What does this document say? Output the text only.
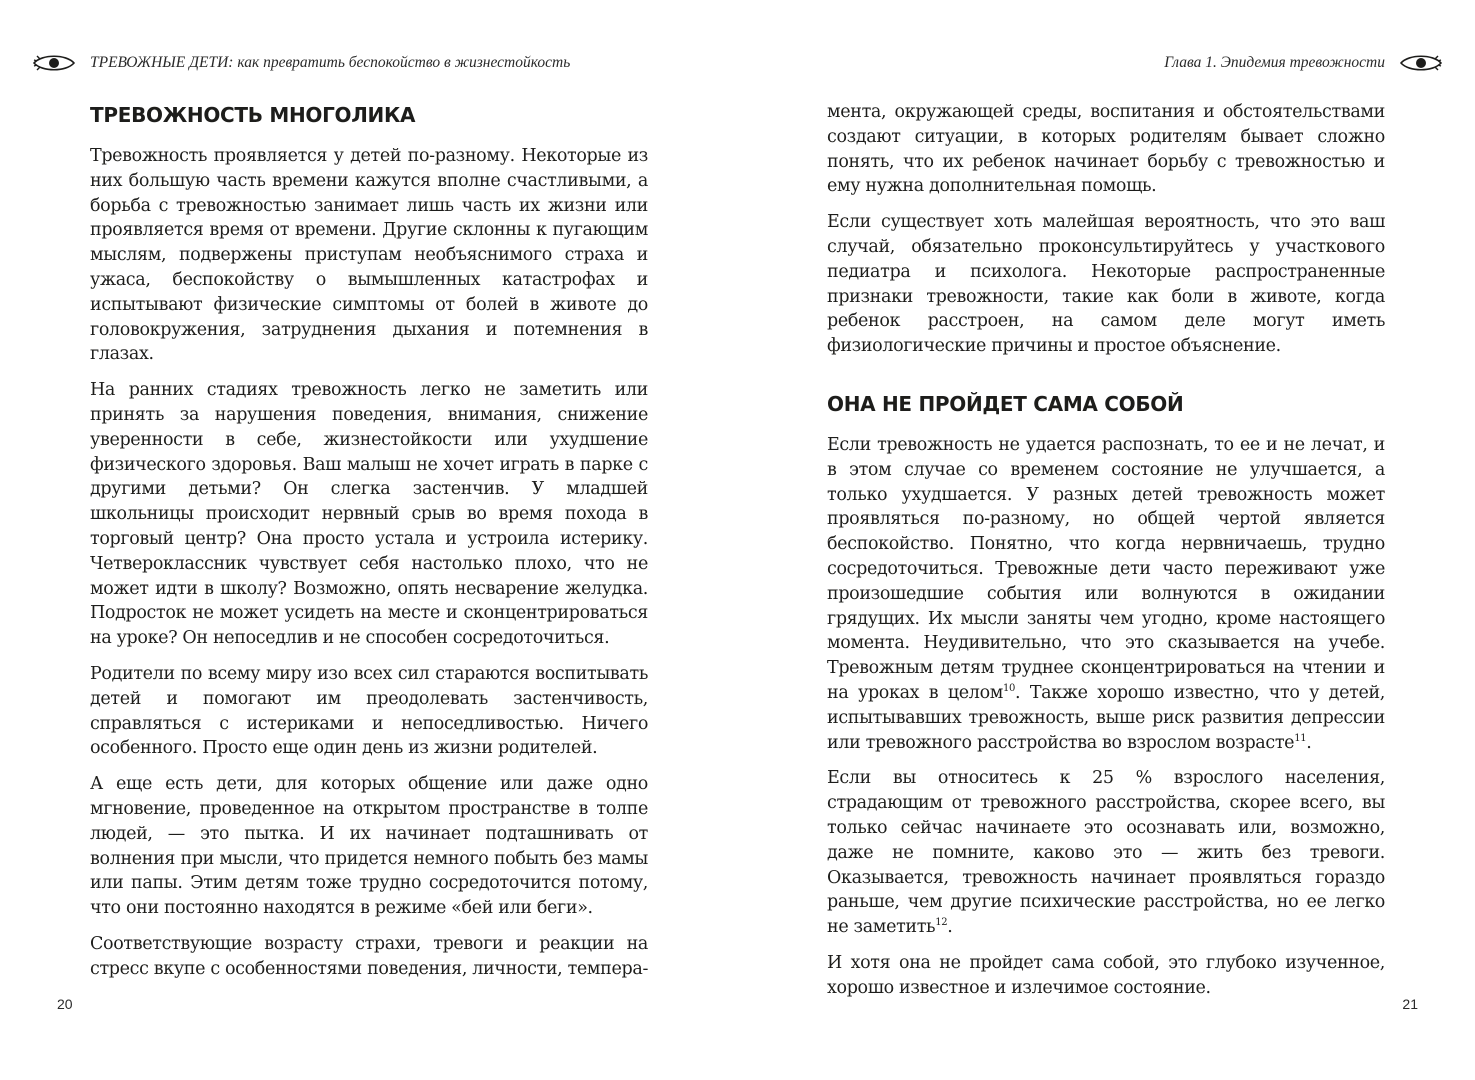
ТРЕВОЖНЫЕ ДЕТИ: как превратить беспокойство в жизнестойкость
ТРЕВОЖНОСТЬ МНОГОЛИКА

Тревожность проявляется у детей по-разному. Некоторые из них большую часть времени кажутся вполне счастливыми, а борьба с тревожностью занимает лишь часть их жизни или проявляется время от времени. Другие склонны к пугающим мыслям, подвержены приступам необъяснимого страха и ужаса, беспокойству о вымышленных катастрофах и испытывают физические симптомы от болей в животе до головокружения, затруднения дыхания и потемнения в глазах.

На ранних стадиях тревожность легко не заметить или принять за нарушения поведения, внимания, снижение уверенности в себе, жизнестойкости или ухудшение физического здоровья. Ваш малыш не хочет играть в парке с другими детьми? Он слегка застенчив. У младшей школьницы происходит нервный срыв во время похода в торговый центр? Она просто устала и устроила истерику. Четвероклассник чувствует себя настолько плохо, что не может идти в школу? Возможно, опять несварение желудка. Подросток не может усидеть на месте и сконцентрироваться на уроке? Он непоседлив и не способен сосредоточиться.

Родители по всему миру изо всех сил стараются воспитывать детей и помогают им преодолевать застенчивость, справляться с истериками и непоседливостью. Ничего особенного. Просто еще один день из жизни родителей.

А еще есть дети, для которых общение или даже одно мгновение, проведенное на открытом пространстве в толпе людей, — это пытка. И их начинает подташнивать от волнения при мысли, что придется немного побыть без мамы или папы. Этим детям тоже трудно сосредоточится потому, что они постоянно находятся в режиме «бей или беги».

Соответствующие возрасту страхи, тревоги и реакции на стресс вкупе с особенностями поведения, личности, темпера-

20
Глава 1. Эпидемия тревожности

мента, окружающей среды, воспитания и обстоятельствами создают ситуации, в которых родителям бывает сложно понять, что их ребенок начинает борьбу с тревожностью и ему нужна дополнительная помощь.

Если существует хоть малейшая вероятность, что это ваш случай, обязательно проконсультируйтесь у участкового педиатра и психолога. Некоторые распространенные признаки тревожности, такие как боли в животе, когда ребенок расстроен, на самом деле могут иметь физиологические причины и простое объяснение.

ОНА НЕ ПРОЙДЕТ САМА СОБОЙ

Если тревожность не удается распознать, то ее и не лечат, и в этом случае со временем состояние не улучшается, а только ухудшается. У разных детей тревожность может проявляться по-разному, но общей чертой является беспокойство. Понятно, что когда нервничаешь, трудно сосредоточиться. Тревожные дети часто переживают уже произошедшие события или волнуются в ожидании грядущих. Их мысли заняты чем угодно, кроме настоящего момента. Неудивительно, что это сказывается на учебе. Тревожным детям труднее сконцентрироваться на чтении и на уроках в целом$^{10}$. Также хорошо известно, что у детей, испытывавших тревожность, выше риск развития депрессии или тревожного расстройства во взрослом возрасте$^{11}$.

Если вы относитесь к 25 % взрослого населения, страдающим от тревожного расстройства, скорее всего, вы только сейчас начинаете это осознавать или, возможно, даже не помните, каково это — жить без тревоги. Оказывается, тревожность начинает проявляться гораздо раньше, чем другие психические расстройства, но ее легко не заметить$^{12}$.

И хотя она не пройдет сама собой, это глубоко изученное, хорошо известное и излечимое состояние.

21
